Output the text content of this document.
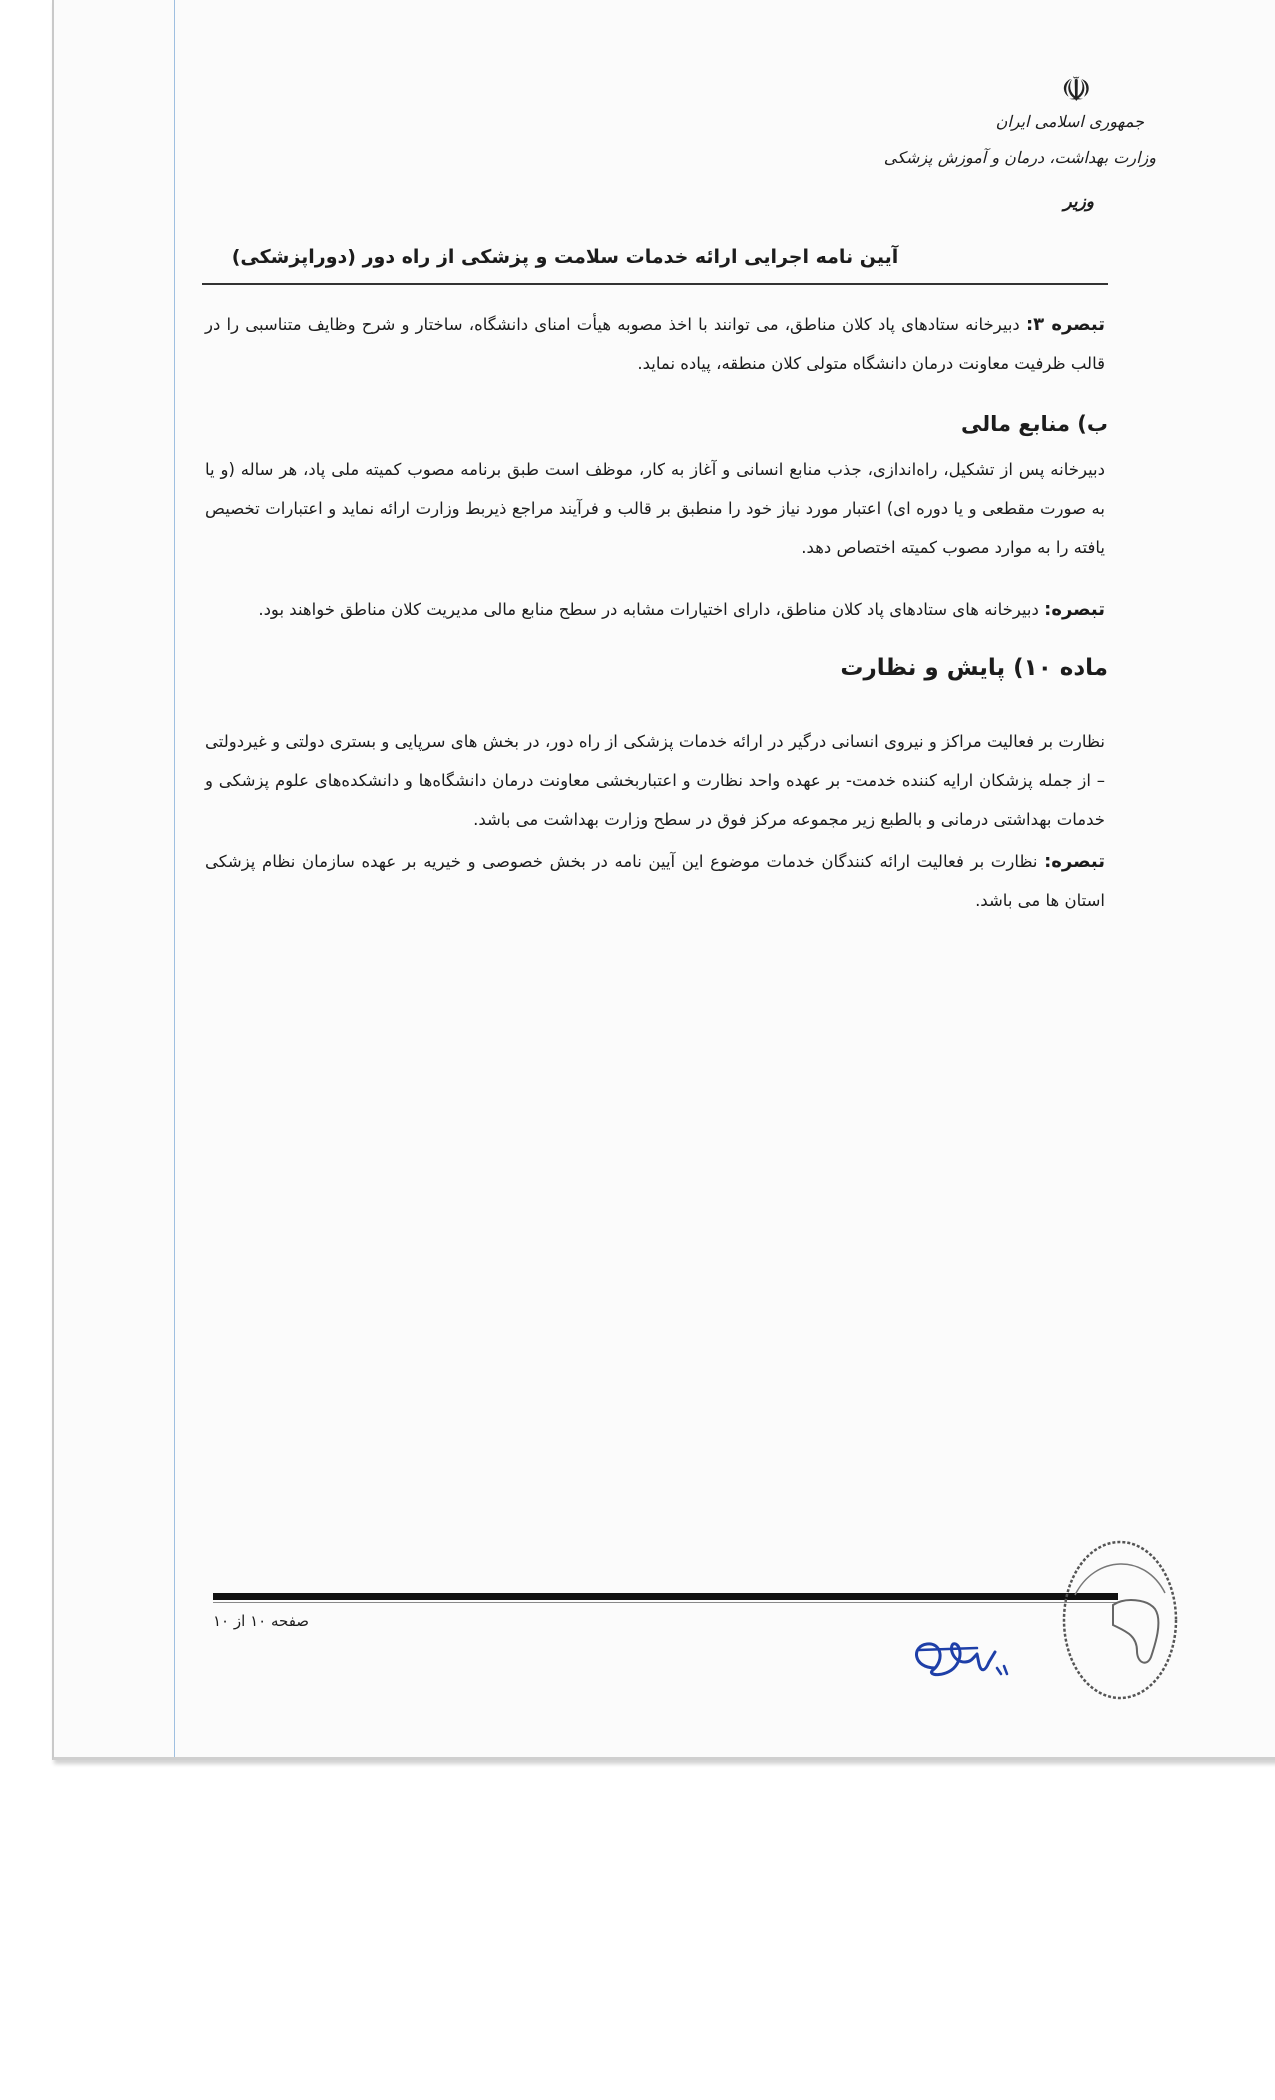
☫
جمهوری اسلامی ایران
وزارت بهداشت، درمان و آموزش پزشکی
وزیر
آیین نامه اجرایی ارائه خدمات سلامت و پزشکی از راه دور (دوراپزشکی)
تبصره ۳: دبیرخانه ستادهای پاد کلان مناطق، می توانند با اخذ مصوبه هیأت امنای دانشگاه، ساختار و شرح وظایف متناسبی را در قالب ظرفیت معاونت درمان دانشگاه متولی کلان منطقه، پیاده نماید.
ب) منابع مالی
دبیرخانه پس از تشکیل، راه‌اندازی، جذب منابع انسانی و آغاز به کار، موظف است طبق برنامه مصوب کمیته ملی پاد، هر ساله (و یا به صورت مقطعی و یا دوره ای) اعتبار مورد نیاز خود را منطبق بر قالب و فرآیند مراجع ذیربط وزارت ارائه نماید و اعتبارات تخصیص یافته را به موارد مصوب کمیته اختصاص دهد.
تبصره: دبیرخانه های ستادهای پاد کلان مناطق، دارای اختیارات مشابه در سطح منابع مالی مدیریت کلان مناطق خواهند بود.
ماده ۱۰) پایش و نظارت
نظارت بر فعالیت مراکز و نیروی انسانی درگیر در ارائه خدمات پزشکی از راه دور، در بخش های سرپایی و بستری دولتی و غیردولتی – از جمله پزشکان ارایه کننده خدمت- بر عهده واحد نظارت و اعتباربخشی معاونت درمان دانشگاه‌ها و دانشکده‌های علوم پزشکی و خدمات بهداشتی درمانی و بالطبع زیر مجموعه مرکز فوق در سطح وزارت بهداشت می باشد.
تبصره: نظارت بر فعالیت ارائه کنندگان خدمات موضوع این آیین نامه در بخش خصوصی و خیریه بر عهده سازمان نظام پزشکی استان ها می باشد.
صفحه ۱۰ از ۱۰
